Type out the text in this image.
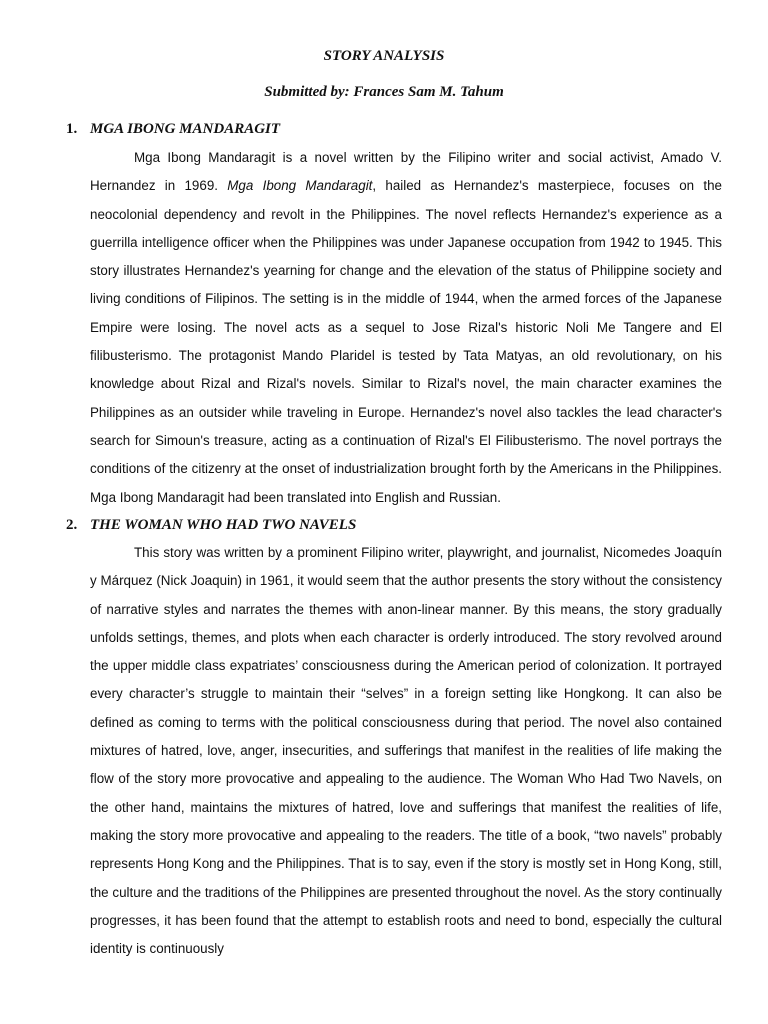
STORY ANALYSIS
Submitted by: Frances Sam M. Tahum
1. MGA IBONG MANDARAGIT

Mga Ibong Mandaragit is a novel written by the Filipino writer and social activist, Amado V. Hernandez in 1969. Mga Ibong Mandaragit, hailed as Hernandez's masterpiece, focuses on the neocolonial dependency and revolt in the Philippines. The novel reflects Hernandez's experience as a guerrilla intelligence officer when the Philippines was under Japanese occupation from 1942 to 1945. This story illustrates Hernandez's yearning for change and the elevation of the status of Philippine society and living conditions of Filipinos. The setting is in the middle of 1944, when the armed forces of the Japanese Empire were losing. The novel acts as a sequel to Jose Rizal's historic Noli Me Tangere and El filibusterismo. The protagonist Mando Plaridel is tested by Tata Matyas, an old revolutionary, on his knowledge about Rizal and Rizal's novels. Similar to Rizal's novel, the main character examines the Philippines as an outsider while traveling in Europe. Hernandez's novel also tackles the lead character's search for Simoun's treasure, acting as a continuation of Rizal's El Filibusterismo. The novel portrays the conditions of the citizenry at the onset of industrialization brought forth by the Americans in the Philippines. Mga Ibong Mandaragit had been translated into English and Russian.

2. THE WOMAN WHO HAD TWO NAVELS

This story was written by a prominent Filipino writer, playwright, and journalist, Nicomedes Joaquín y Márquez (Nick Joaquin) in 1961, it would seem that the author presents the story without the consistency of narrative styles and narrates the themes with anon-linear manner. By this means, the story gradually unfolds settings, themes, and plots when each character is orderly introduced. The story revolved around the upper middle class expatriates’ consciousness during the American period of colonization. It portrayed every character’s struggle to maintain their “selves” in a foreign setting like Hongkong. It can also be defined as coming to terms with the political consciousness during that period. The novel also contained mixtures of hatred, love, anger, insecurities, and sufferings that manifest in the realities of life making the flow of the story more provocative and appealing to the audience. The Woman Who Had Two Navels, on the other hand, maintains the mixtures of hatred, love and sufferings that manifest the realities of life, making the story more provocative and appealing to the readers. The title of a book, “two navels” probably represents Hong Kong and the Philippines. That is to say, even if the story is mostly set in Hong Kong, still, the culture and the traditions of the Philippines are presented throughout the novel. As the story continually progresses, it has been found that the attempt to establish roots and need to bond, especially the cultural identity is continuously
